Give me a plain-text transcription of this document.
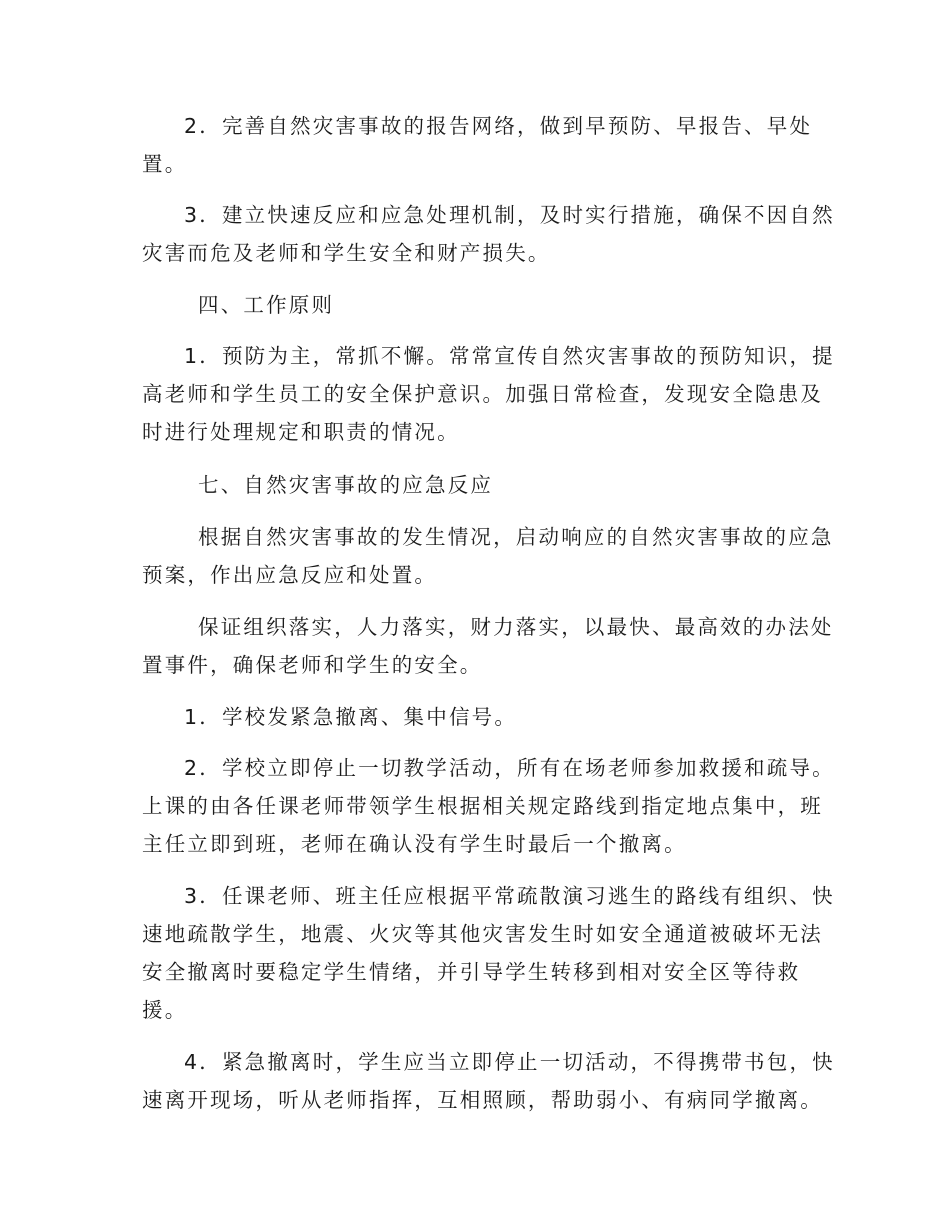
2．完善自然灾害事故的报告网络，做到早预防、早报告、早处
置。

3．建立快速反应和应急处理机制，及时实行措施，确保不因自然
灾害而危及老师和学生安全和财产损失。

四、工作原则

1．预防为主，常抓不懈。常常宣传自然灾害事故的预防知识，提
高老师和学生员工的安全保护意识。加强日常检查，发现安全隐患及
时进行处理规定和职责的情况。

七、自然灾害事故的应急反应

根据自然灾害事故的发生情况，启动响应的自然灾害事故的应急
预案，作出应急反应和处置。

保证组织落实，人力落实，财力落实，以最快、最高效的办法处
置事件，确保老师和学生的安全。

1．学校发紧急撤离、集中信号。

2．学校立即停止一切教学活动，所有在场老师参加救援和疏导。
上课的由各任课老师带领学生根据相关规定路线到指定地点集中，班
主任立即到班，老师在确认没有学生时最后一个撤离。

3．任课老师、班主任应根据平常疏散演习逃生的路线有组织、快
速地疏散学生，地震、火灾等其他灾害发生时如安全通道被破坏无法
安全撤离时要稳定学生情绪，并引导学生转移到相对安全区等待救
援。

4．紧急撤离时，学生应当立即停止一切活动，不得携带书包，快
速离开现场，听从老师指挥，互相照顾，帮助弱小、有病同学撤离。
